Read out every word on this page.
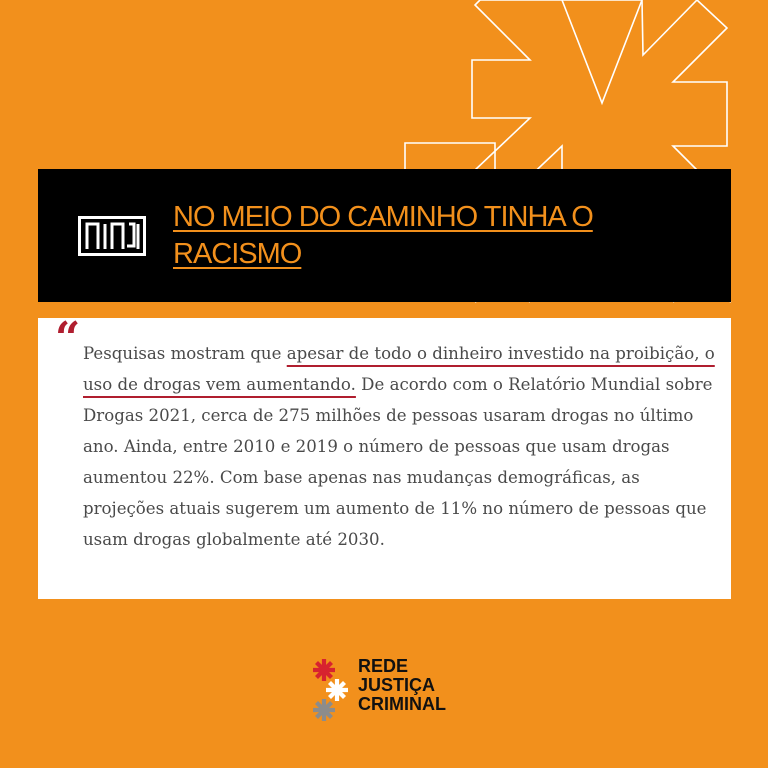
NO MEIO DO CAMINHO TINHA O RACISMO
“ Pesquisas mostram que apesar de todo o dinheiro investido na proibição, o uso de drogas vem aumentando. De acordo com o Relatório Mundial sobre Drogas 2021, cerca de 275 milhões de pessoas usaram drogas no último ano. Ainda, entre 2010 e 2019 o número de pessoas que usam drogas aumentou 22%. Com base apenas nas mudanças demográficas, as projeções atuais sugerem um aumento de 11% no número de pessoas que usam drogas globalmente até 2030.

REDE
JUSTIÇA
CRIMINAL
